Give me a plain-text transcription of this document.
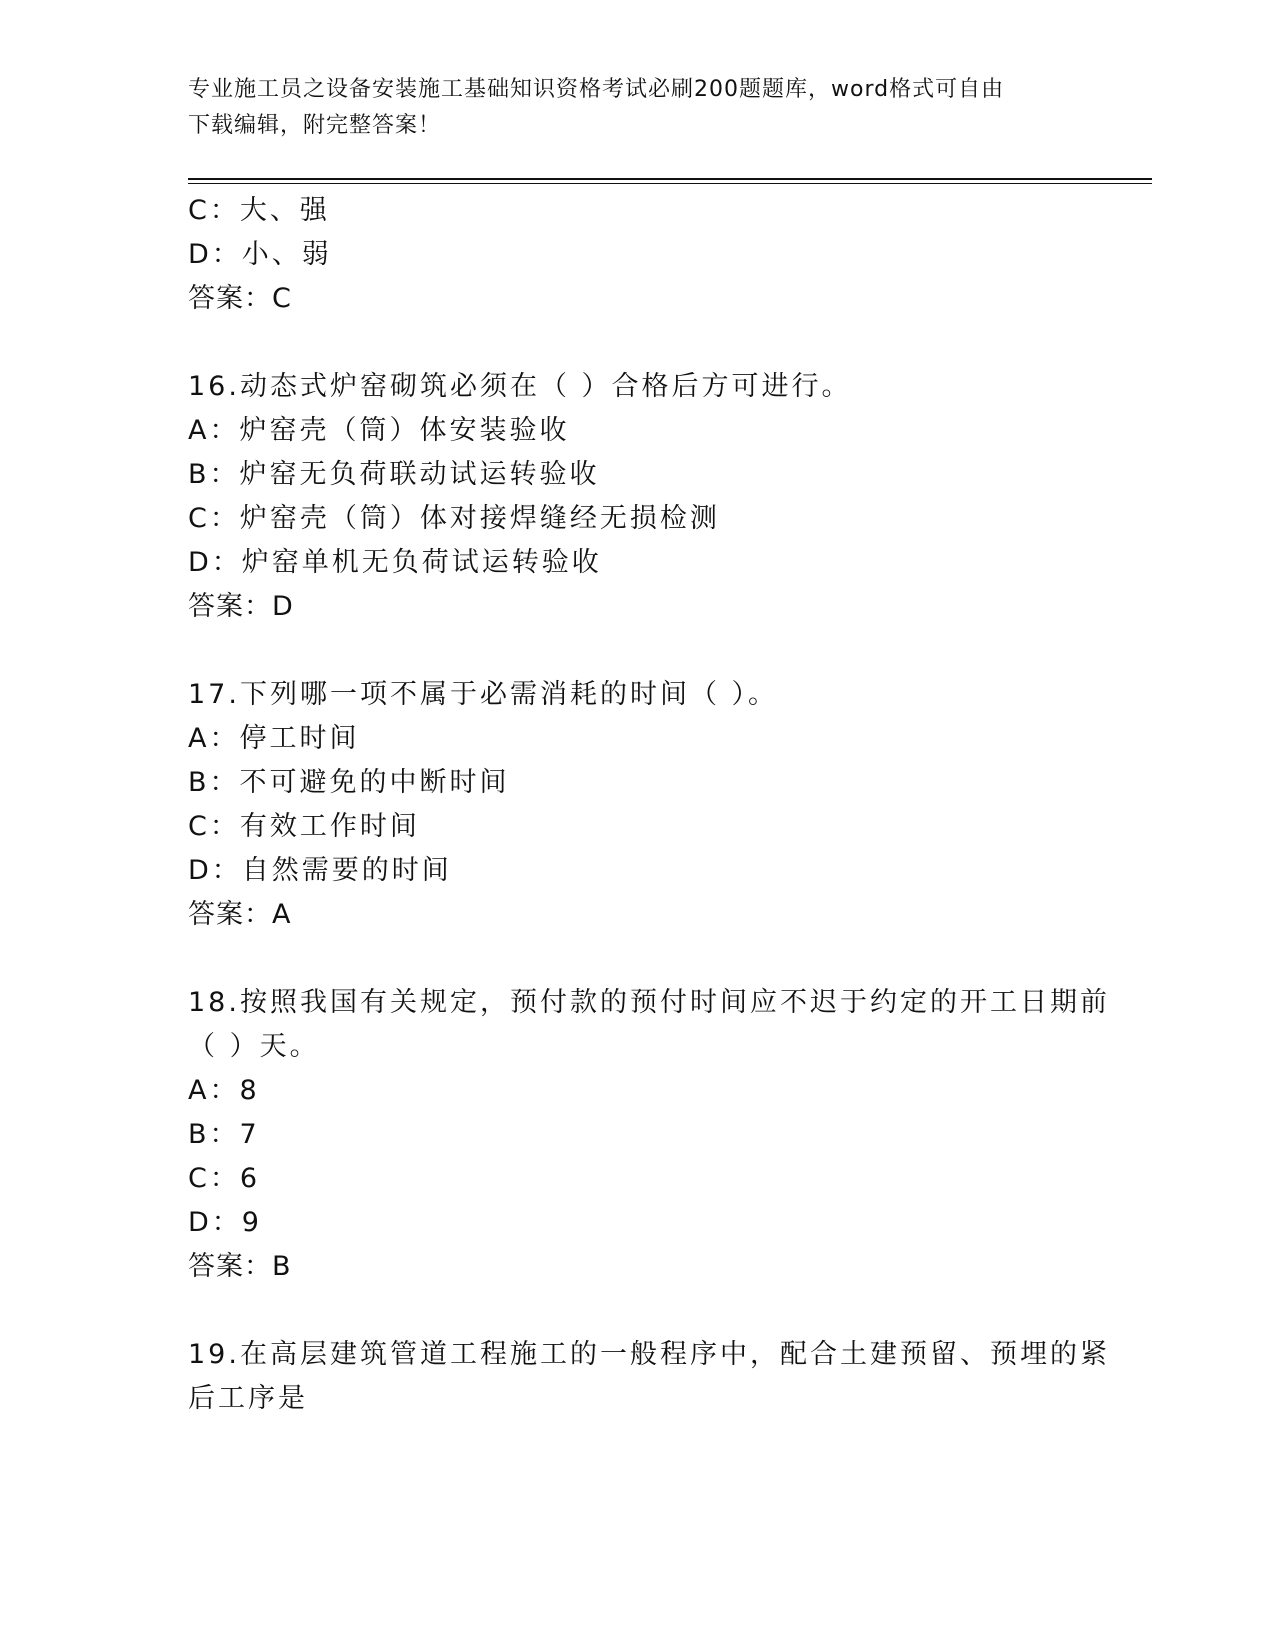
专业施工员之设备安装施工基础知识资格考试必刷200题题库，word格式可自由
下载编辑，附完整答案！
C：大、强
D：小、弱
答案：C
16.动态式炉窑砌筑必须在（ ）合格后方可进行。
A：炉窑壳（筒）体安装验收
B：炉窑无负荷联动试运转验收
C：炉窑壳（筒）体对接焊缝经无损检测
D：炉窑单机无负荷试运转验收
答案：D
17.下列哪一项不属于必需消耗的时间（ ）。
A：停工时间
B：不可避免的中断时间
C：有效工作时间
D：自然需要的时间
答案：A
18.按照我国有关规定，预付款的预付时间应不迟于约定的开工日期前
（ ）天。
A：8
B：7
C：6
D：9
答案：B
19.在高层建筑管道工程施工的一般程序中，配合土建预留、预埋的紧
后工序是
